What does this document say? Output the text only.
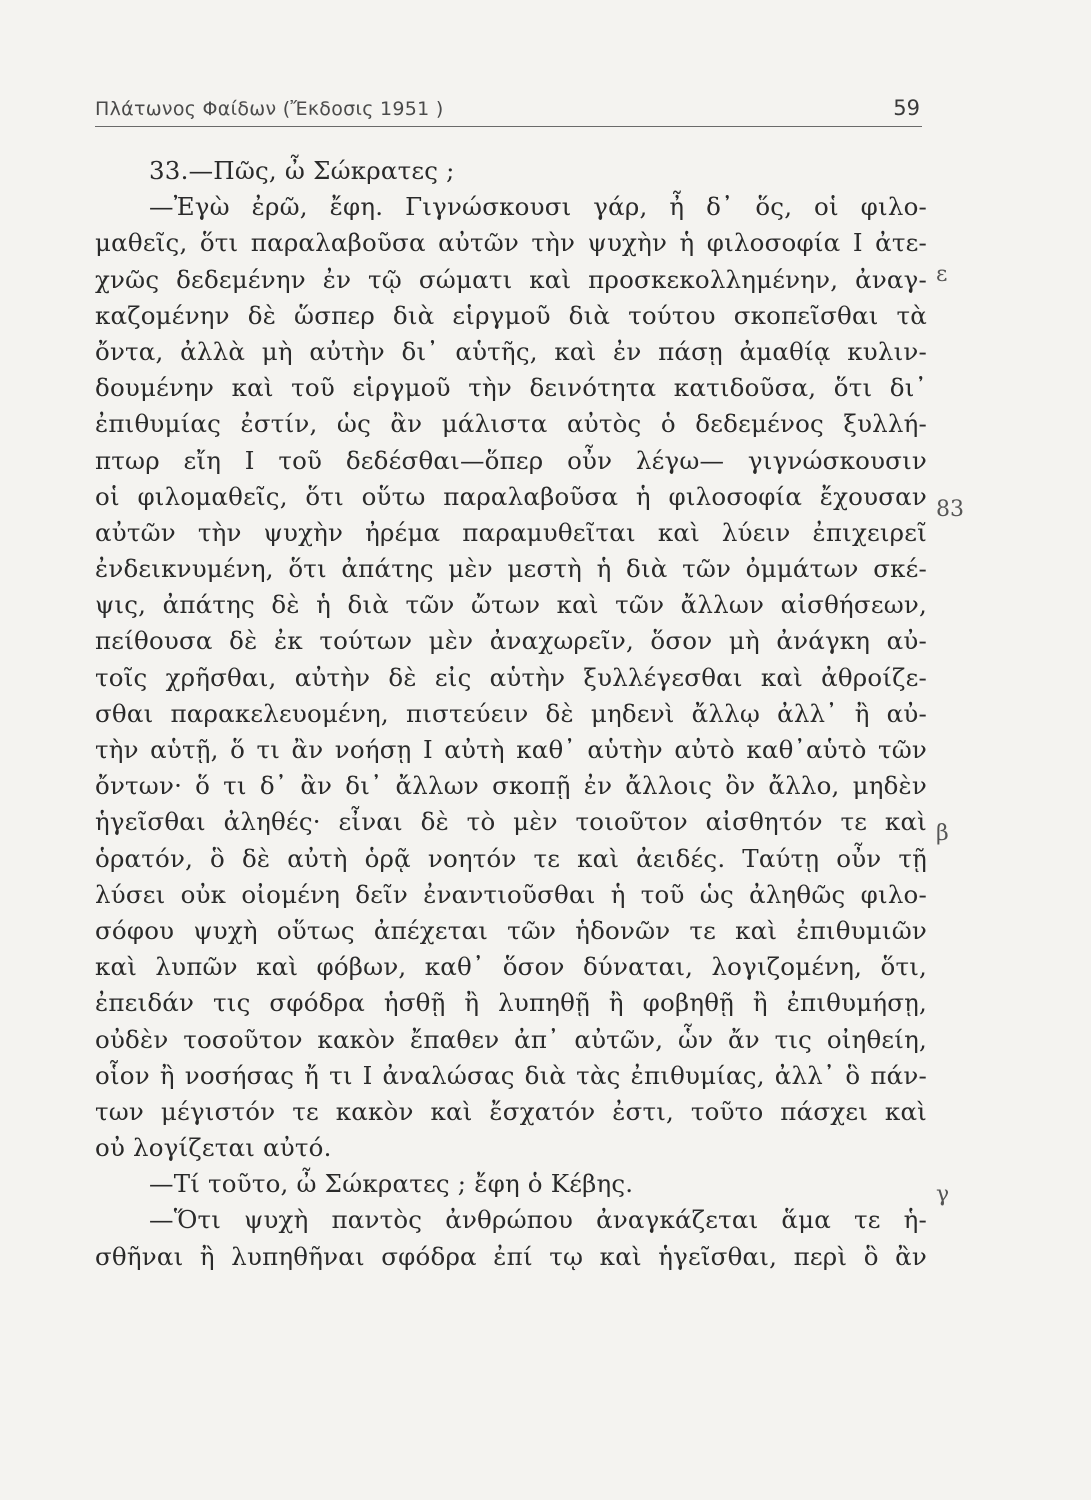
Πλάτωνος Φαίδων (Ἔκδοσις 1951 )	59
33.—Πῶς, ὦ Σώκρατες ;
—Ἐγὼ ἐρῶ, ἔφη. Γιγνώσκουσι γάρ, ἦ δ᾽ ὅς, οἱ φιλο-
μαθεῖς, ὅτι παραλαβοῦσα αὐτῶν τὴν ψυχὴν ἡ φιλοσοφία Ι ἀτε-
χνῶς δεδεμένην ἐν τῷ σώματι καὶ προσκεκολλημένην, ἀναγ-
καζομένην δὲ ὥσπερ διὰ εἱργμοῦ διὰ τούτου σκοπεῖσθαι τὰ
ὄντα, ἀλλὰ μὴ αὐτὴν δι᾽ αὑτῆς, καὶ ἐν πάσῃ ἀμαθίᾳ κυλιν-
δουμένην καὶ τοῦ εἱργμοῦ τὴν δεινότητα κατιδοῦσα, ὅτι δι᾽
ἐπιθυμίας ἐστίν, ὡς ἂν μάλιστα αὐτὸς ὁ δεδεμένος ξυλλή-
πτωρ εἴη Ι τοῦ δεδέσθαι—ὅπερ οὖν λέγω— γιγνώσκουσιν
οἱ φιλομαθεῖς, ὅτι οὕτω παραλαβοῦσα ἡ φιλοσοφία ἔχουσαν
αὐτῶν τὴν ψυχὴν ἠρέμα παραμυθεῖται καὶ λύειν ἐπιχειρεῖ
ἐνδεικνυμένη, ὅτι ἀπάτης μὲν μεστὴ ἡ διὰ τῶν ὀμμάτων σκέ-
ψις, ἀπάτης δὲ ἡ διὰ τῶν ὤτων καὶ τῶν ἄλλων αἰσθήσεων,
πείθουσα δὲ ἐκ τούτων μὲν ἀναχωρεῖν, ὅσον μὴ ἀνάγκη αὐ-
τοῖς χρῆσθαι, αὐτὴν δὲ εἰς αὑτὴν ξυλλέγεσθαι καὶ ἀθροίζε-
σθαι παρακελευομένη, πιστεύειν δὲ μηδενὶ ἄλλῳ ἀλλ᾽ ἢ αὐ-
τὴν αὑτῇ, ὅ τι ἂν νοήσῃ Ι αὐτὴ καθ᾽ αὑτὴν αὐτὸ καθ᾽αὑτὸ τῶν
ὄντων· ὅ τι δ᾽ ἂν δι᾽ ἄλλων σκοπῇ ἐν ἄλλοις ὂν ἄλλο, μηδὲν
ἡγεῖσθαι ἀληθές· εἶναι δὲ τὸ μὲν τοιοῦτον αἰσθητόν τε καὶ
ὁρατόν, ὃ δὲ αὐτὴ ὁρᾷ νοητόν τε καὶ ἀειδές. Ταύτῃ οὖν τῇ
λύσει οὐκ οἰομένη δεῖν ἐναντιοῦσθαι ἡ τοῦ ὡς ἀληθῶς φιλο-
σόφου ψυχὴ οὕτως ἀπέχεται τῶν ἡδονῶν τε καὶ ἐπιθυμιῶν
καὶ λυπῶν καὶ φόβων, καθ᾽ ὅσον δύναται, λογιζομένη, ὅτι,
ἐπειδάν τις σφόδρα ἡσθῇ ἢ λυπηθῇ ἢ φοβηθῇ ἢ ἐπιθυμήσῃ,
οὐδὲν τοσοῦτον κακὸν ἔπαθεν ἀπ᾽ αὐτῶν, ὧν ἄν τις οἰηθείη,
οἷον ἢ νοσήσας ἤ τι Ι ἀναλώσας διὰ τὰς ἐπιθυμίας, ἀλλ᾽ ὃ πάν-
των μέγιστόν τε κακὸν καὶ ἔσχατόν ἐστι, τοῦτο πάσχει καὶ
οὐ λογίζεται αὐτό.
—Τί τοῦτο, ὦ Σώκρατες ; ἔφη ὁ Κέβης.
—Ὅτι ψυχὴ παντὸς ἀνθρώπου ἀναγκάζεται ἅμα τε ἡ-
σθῆναι ἢ λυπηθῆναι σφόδρα ἐπί τῳ καὶ ἡγεῖσθαι, περὶ ὃ ἂν
ε
83
β
γ
